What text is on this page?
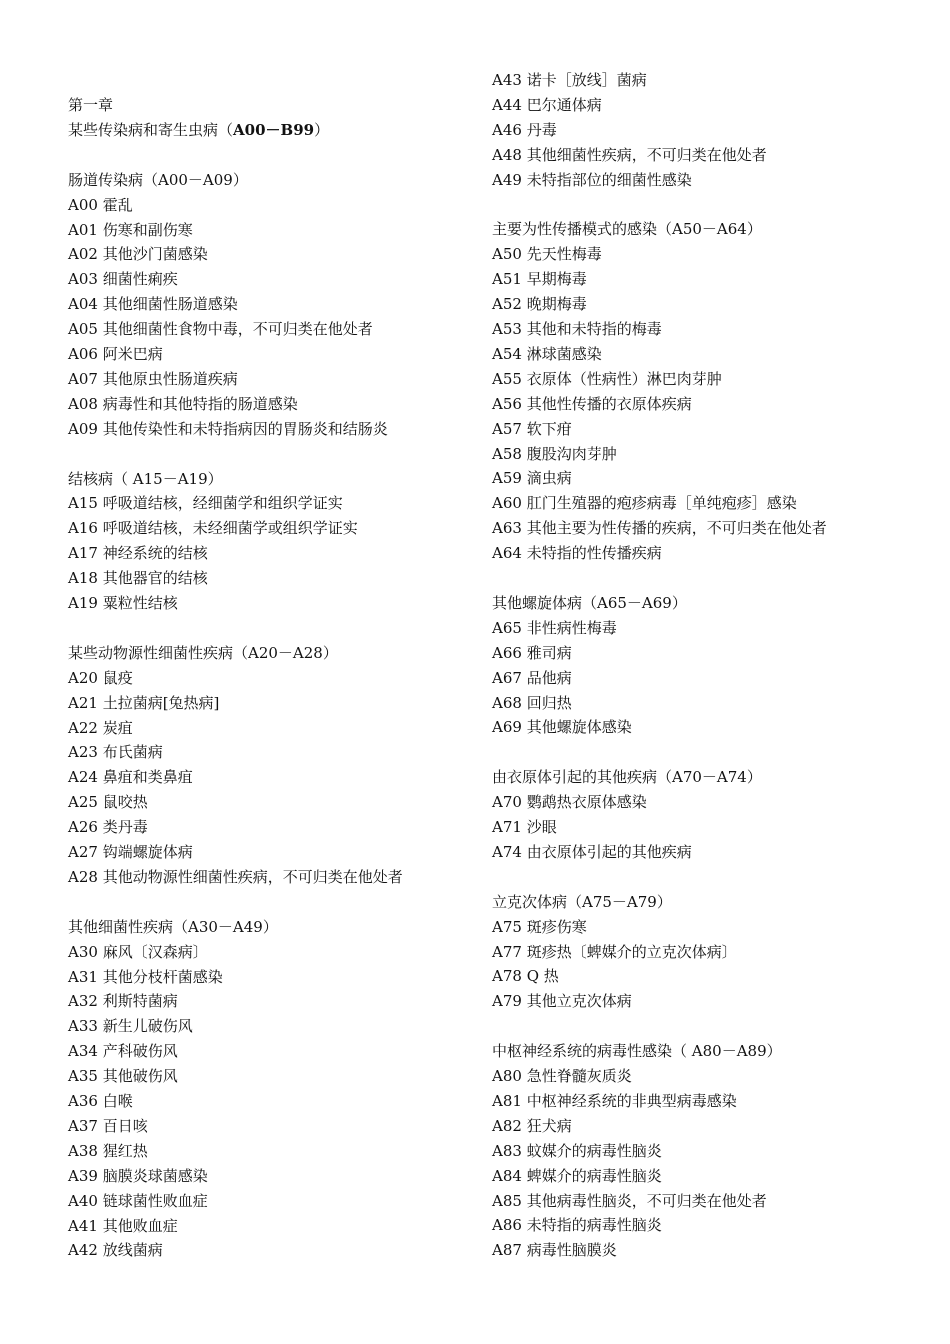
第一章
某些传染病和寄生虫病（A00－B99）
肠道传染病（A00－A09）
A00 霍乱
A01 伤寒和副伤寒
A02 其他沙门菌感染
A03 细菌性痢疾
A04 其他细菌性肠道感染
A05 其他细菌性食物中毒，不可归类在他处者
A06 阿米巴病
A07 其他原虫性肠道疾病
A08 病毒性和其他特指的肠道感染
A09 其他传染性和未特指病因的胃肠炎和结肠炎
结核病（ A15－A19）
A15 呼吸道结核，经细菌学和组织学证实
A16 呼吸道结核，未经细菌学或组织学证实
A17 神经系统的结核
A18 其他器官的结核
A19 粟粒性结核
某些动物源性细菌性疾病（A20－A28）
A20 鼠疫
A21 土拉菌病[兔热病]
A22 炭疽
A23 布氏菌病
A24 鼻疽和类鼻疽
A25 鼠咬热
A26 类丹毒
A27 钩端螺旋体病
A28 其他动物源性细菌性疾病，不可归类在他处者
其他细菌性疾病（A30－A49）
A30 麻风〔汉森病〕
A31 其他分枝杆菌感染
A32 利斯特菌病
A33 新生儿破伤风
A34 产科破伤风
A35 其他破伤风
A36 白喉
A37 百日咳
A38 猩红热
A39 脑膜炎球菌感染
A40 链球菌性败血症
A41 其他败血症
A42 放线菌病
A43 诺卡［放线］菌病
A44 巴尔通体病
A46 丹毒
A48 其他细菌性疾病，不可归类在他处者
A49 未特指部位的细菌性感染
主要为性传播模式的感染（A50－A64）
A50 先天性梅毒
A51 早期梅毒
A52 晚期梅毒
A53 其他和未特指的梅毒
A54 淋球菌感染
A55 衣原体（性病性）淋巴肉芽肿
A56 其他性传播的衣原体疾病
A57 软下疳
A58 腹股沟肉芽肿
A59 滴虫病
A60 肛门生殖器的疱疹病毒［单纯疱疹］感染
A63 其他主要为性传播的疾病，不可归类在他处者
A64 未特指的性传播疾病
其他螺旋体病（A65－A69）
A65 非性病性梅毒
A66 雅司病
A67 品他病
A68 回归热
A69 其他螺旋体感染
由衣原体引起的其他疾病（A70－A74）
A70 鹦鹉热衣原体感染
A71 沙眼
A74 由衣原体引起的其他疾病
立克次体病（A75－A79）
A75 斑疹伤寒
A77 斑疹热〔蜱媒介的立克次体病〕
A78 Q 热
A79 其他立克次体病
中枢神经系统的病毒性感染（ A80－A89）
A80 急性脊髓灰质炎
A81 中枢神经系统的非典型病毒感染
A82 狂犬病
A83 蚊媒介的病毒性脑炎
A84 蜱媒介的病毒性脑炎
A85 其他病毒性脑炎，不可归类在他处者
A86 未特指的病毒性脑炎
A87 病毒性脑膜炎
